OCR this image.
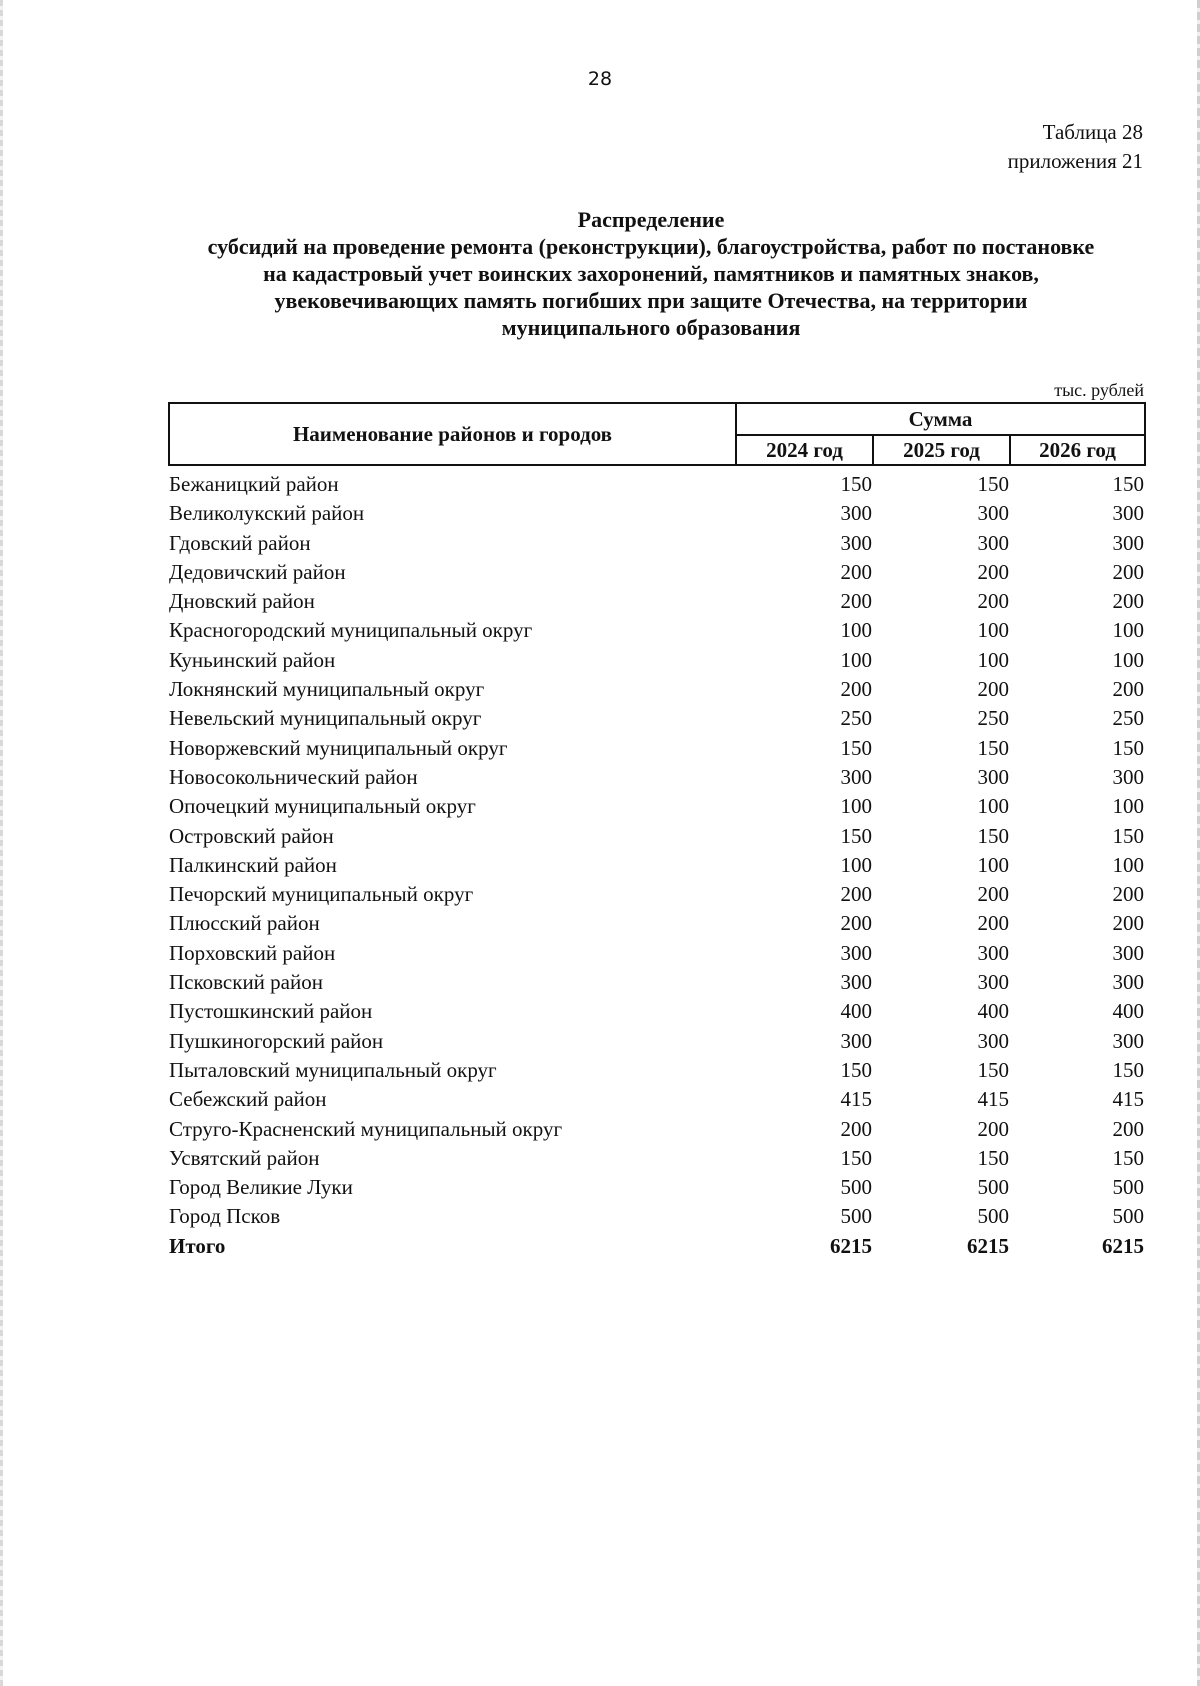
28
Таблица 28
приложения 21
Распределение
субсидий на проведение ремонта (реконструкции), благоустройства, работ по постановке
на кадастровый учет воинских захоронений, памятников и памятных знаков,
увековечивающих память погибших при защите Отечества, на территории
муниципального образования
тыс. рублей
Наименование районов и городов	Сумма		
	2024 год	2025 год	2026 год
Бежаницкий район	150	150	150
Великолукский район	300	300	300
Гдовский район	300	300	300
Дедовичский район	200	200	200
Дновский район	200	200	200
Красногородский муниципальный округ	100	100	100
Куньинский район	100	100	100
Локнянский муниципальный округ	200	200	200
Невельский муниципальный округ	250	250	250
Новоржевский муниципальный округ	150	150	150
Новосокольнический район	300	300	300
Опочецкий муниципальный округ	100	100	100
Островский район	150	150	150
Палкинский район	100	100	100
Печорский муниципальный округ	200	200	200
Плюсский район	200	200	200
Порховский район	300	300	300
Псковский район	300	300	300
Пустошкинский район	400	400	400
Пушкиногорский район	300	300	300
Пыталовский муниципальный округ	150	150	150
Себежский район	415	415	415
Струго-Красненский муниципальный округ	200	200	200
Усвятский район	150	150	150
Город Великие Луки	500	500	500
Город Псков	500	500	500
Итого	6215	6215	6215
